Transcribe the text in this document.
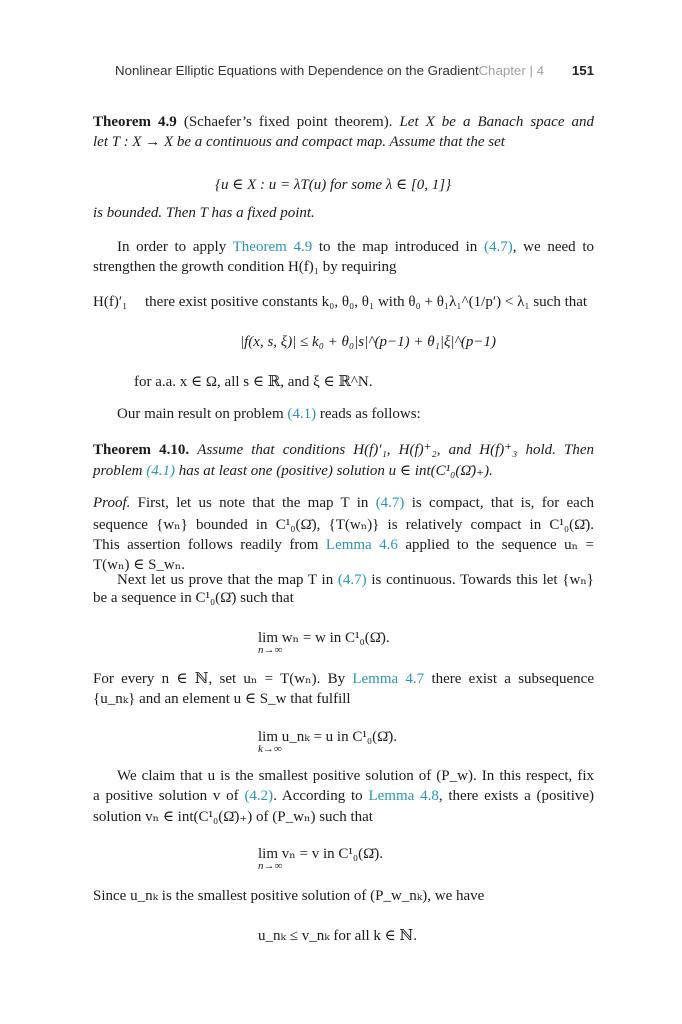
Nonlinear Elliptic Equations with Dependence on the Gradient Chapter | 4 151
Theorem 4.9 (Schaefer’s fixed point theorem). Let X be a Banach space and
let T : X → X be a continuous and compact map. Assume that the set
{u ∈ X : u = λT(u) for some λ ∈ [0, 1]}
is bounded. Then T has a fixed point.
In order to apply Theorem 4.9 to the map introduced in (4.7), we need to
strengthen the growth condition H(f)₁ by requiring
H(f)′₁ there exist positive constants k₀, θ₀, θ₁ with θ₀ + θ₁λ₁^(1/p′) < λ₁ such that
|f(x, s, ξ)| ≤ k₀ + θ₀|s|^(p−1) + θ₁|ξ|^(p−1)
for a.a. x ∈ Ω, all s ∈ ℝ, and ξ ∈ ℝ^N.
Our main result on problem (4.1) reads as follows:
Theorem 4.10. Assume that conditions H(f)′₁, H(f)⁺₂, and H(f)⁺₃ hold. Then
problem (4.1) has at least one (positive) solution u ∈ int(C¹₀(Ω̄)₊).
Proof. First, let us note that the map T in (4.7) is compact, that is, for each
sequence {wₙ} bounded in C¹₀(Ω̄), {T(wₙ)} is relatively compact in C¹₀(Ω̄).
This assertion follows readily from Lemma 4.6 applied to the sequence uₙ =
T(wₙ) ∈ S_wₙ.
Next let us prove that the map T in (4.7) is continuous. Towards this let {wₙ}
be a sequence in C¹₀(Ω̄) such that
lim wₙ = w in C¹₀(Ω̄).
n→∞
For every n ∈ ℕ, set uₙ = T(wₙ). By Lemma 4.7 there exist a subsequence
{u_nₖ} and an element u ∈ S_w that fulfill
lim u_nₖ = u in C¹₀(Ω̄).
k→∞
We claim that u is the smallest positive solution of (P_w). In this respect, fix
a positive solution v of (4.2). According to Lemma 4.8, there exists a (positive)
solution vₙ ∈ int(C¹₀(Ω̄)₊) of (P_wₙ) such that
lim vₙ = v in C¹₀(Ω̄).
n→∞
Since u_nₖ is the smallest positive solution of (P_w_nₖ), we have
u_nₖ ≤ v_nₖ for all k ∈ ℕ.
